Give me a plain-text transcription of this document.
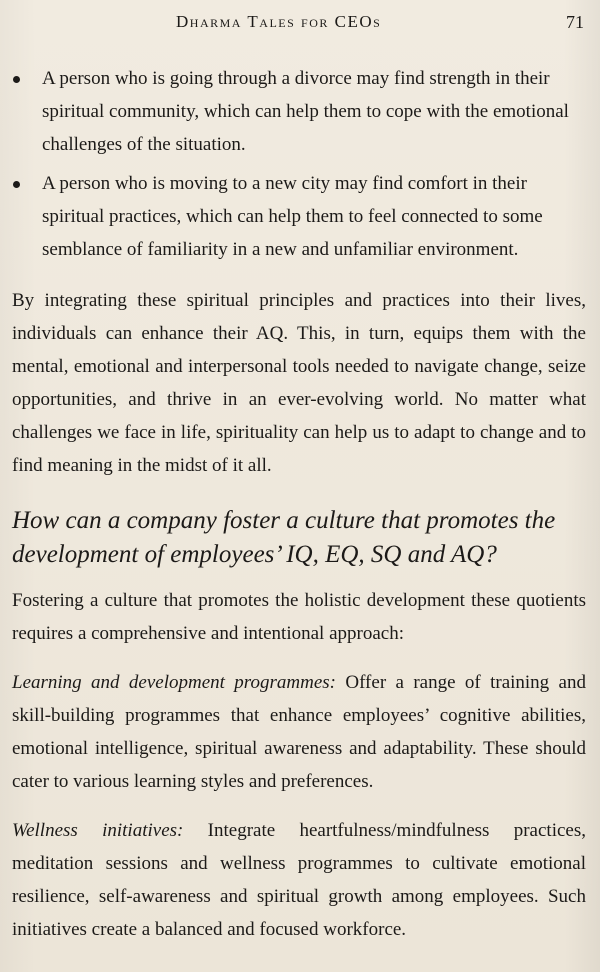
Dharma Tales for CEOs	71
A person who is going through a divorce may find strength in their spiritual community, which can help them to cope with the emotional challenges of the situation.
A person who is moving to a new city may find comfort in their spiritual practices, which can help them to feel connected to some semblance of familiarity in a new and unfamiliar environment.

By integrating these spiritual principles and practices into their lives, individuals can enhance their AQ. This, in turn, equips them with the mental, emotional and interpersonal tools needed to navigate change, seize opportunities, and thrive in an ever-evolving world. No matter what challenges we face in life, spirituality can help us to adapt to change and to find meaning in the midst of it all.

How can a company foster a culture that promotes the development of employees’ IQ, EQ, SQ and AQ?

Fostering a culture that promotes the holistic development these quotients requires a comprehensive and intentional approach:

Learning and development programmes: Offer a range of training and skill-building programmes that enhance employees’ cognitive abilities, emotional intelligence, spiritual awareness and adaptability. These should cater to various learning styles and preferences.

Wellness initiatives: Integrate heartfulness/mindfulness practices, meditation sessions and wellness programmes to cultivate emotional resilience, self-awareness and spiritual growth among employees. Such initiatives create a balanced and focused workforce.
